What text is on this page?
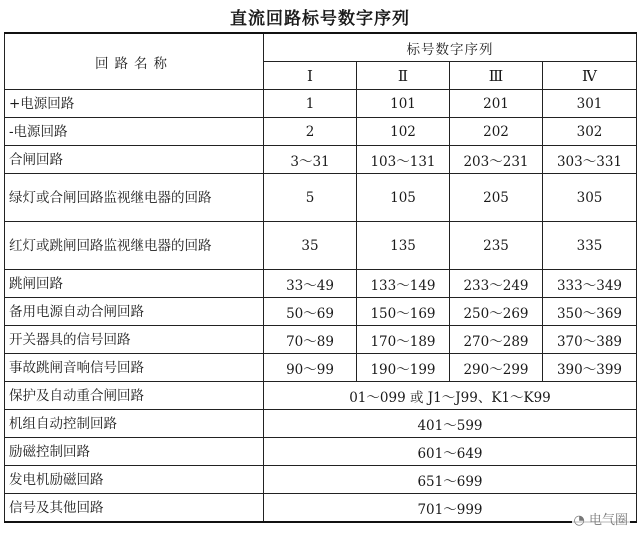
直流回路标号数字序列
回路名称	标号数字序列			
	Ⅰ	Ⅱ	Ⅲ	Ⅳ
+电源回路	1	101	201	301
-电源回路	2	102	202	302
合闸回路	3～31	103～131	203～231	303～331
绿灯或合闸回路监视继电器的回路	5	105	205	305
红灯或跳闸回路监视继电器的回路	35	135	235	335
跳闸回路	33～49	133～149	233～249	333～349
备用电源自动合闸回路	50～69	150～169	250～269	350～369
开关器具的信号回路	70～89	170～189	270～289	370～389
事故跳闸音响信号回路	90～99	190～199	290～299	390～399
保护及自动重合闸回路	01～099 或 J1～J99、K1～K99			
机组自动控制回路	401～599			
励磁控制回路	601～649			
发电机励磁回路	651～699			
信号及其他回路	701～999			
◔ 电气圈
